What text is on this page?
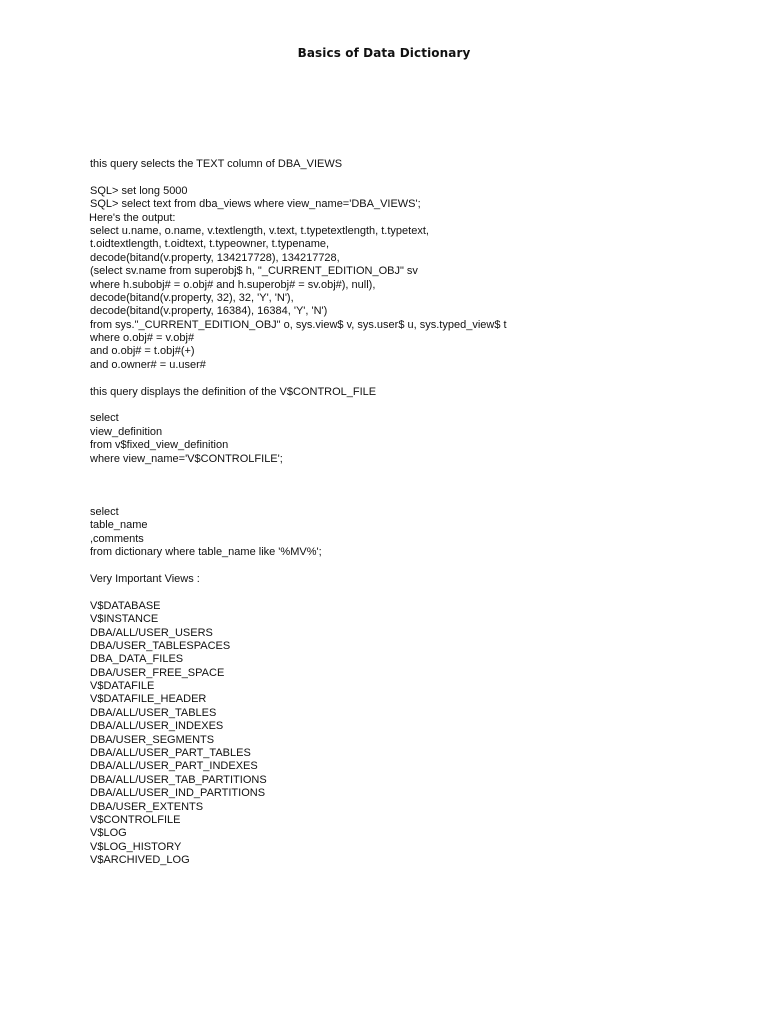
Basics of Data Dictionary
this query selects the TEXT column of DBA_VIEWS
SQL> set long 5000
SQL> select text from dba_views where view_name='DBA_VIEWS';
Here's the output:
select u.name, o.name, v.textlength, v.text, t.typetextlength, t.typetext,
t.oidtextlength, t.oidtext, t.typeowner, t.typename,
decode(bitand(v.property, 134217728), 134217728,
(select sv.name from superobj$ h, "_CURRENT_EDITION_OBJ" sv
where h.subobj# = o.obj# and h.superobj# = sv.obj#), null),
decode(bitand(v.property, 32), 32, 'Y', 'N'),
decode(bitand(v.property, 16384), 16384, 'Y', 'N')
from sys."_CURRENT_EDITION_OBJ" o, sys.view$ v, sys.user$ u, sys.typed_view$ t
where o.obj# = v.obj#
and o.obj# = t.obj#(+)
and o.owner# = u.user#
this query displays the definition of the V$CONTROL_FILE
select
view_definition
from v$fixed_view_definition
where view_name='V$CONTROLFILE';
select
table_name
,comments
from dictionary where table_name like '%MV%';
Very Important Views :
V$DATABASE
V$INSTANCE
DBA/ALL/USER_USERS
DBA/USER_TABLESPACES
DBA_DATA_FILES
DBA/USER_FREE_SPACE
V$DATAFILE
V$DATAFILE_HEADER
DBA/ALL/USER_TABLES
DBA/ALL/USER_INDEXES
DBA/USER_SEGMENTS
DBA/ALL/USER_PART_TABLES
DBA/ALL/USER_PART_INDEXES
DBA/ALL/USER_TAB_PARTITIONS
DBA/ALL/USER_IND_PARTITIONS
DBA/USER_EXTENTS
V$CONTROLFILE
V$LOG
V$LOG_HISTORY
V$ARCHIVED_LOG
